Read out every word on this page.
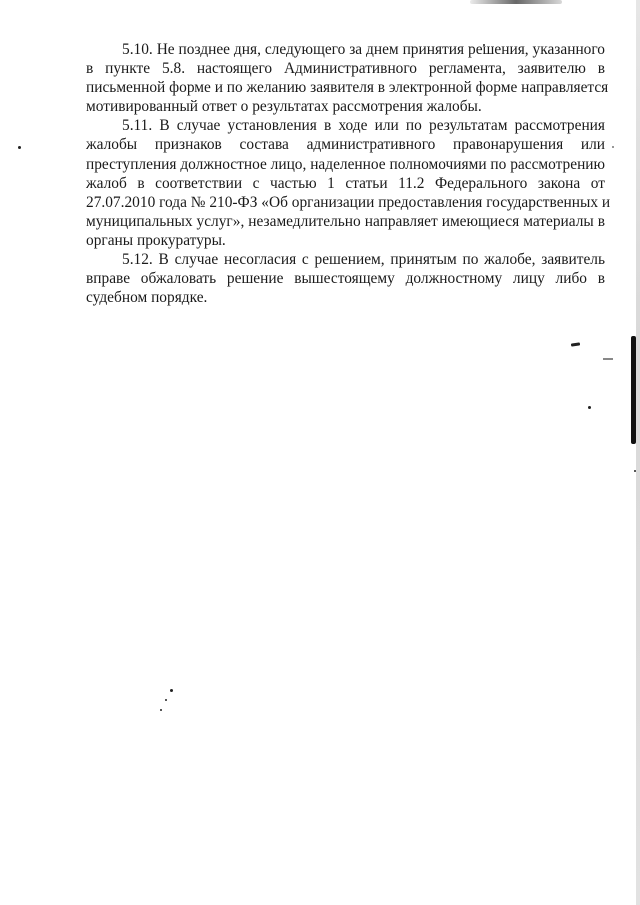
5.10. Не позднее дня, следующего за днем принятия решения, указанного
в пункте 5.8. настоящего Административного регламента, заявителю в
письменной форме и по желанию заявителя в электронной форме направляется
мотивированный ответ о результатах рассмотрения жалобы.
5.11. В случае установления в ходе или по результатам рассмотрения
жалобы признаков состава административного правонарушения или
преступления должностное лицо, наделенное полномочиями по рассмотрению
жалоб в соответствии с частью 1 статьи 11.2 Федерального закона от
27.07.2010 года № 210-ФЗ «Об организации предоставления государственных и
муниципальных услуг», незамедлительно направляет имеющиеся материалы в
органы прокуратуры.
5.12. В случае несогласия с решением, принятым по жалобе, заявитель
вправе обжаловать решение вышестоящему должностному лицу либо в
судебном порядке.
